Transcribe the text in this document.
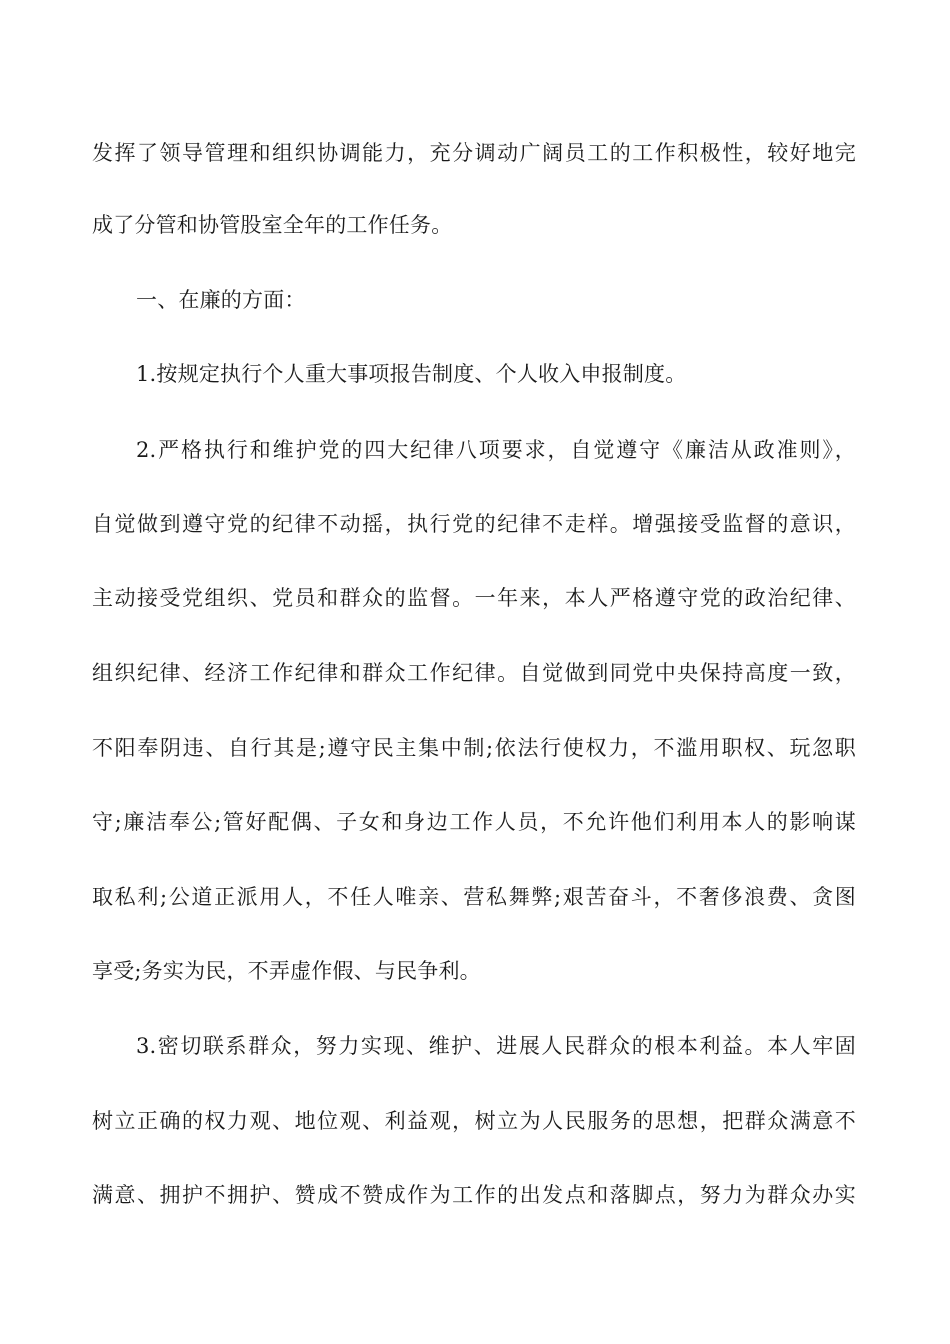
发挥了领导管理和组织协调能力，充分调动广阔员工的工作积极性，较好地完
成了分管和协管股室全年的工作任务。
一、在廉的方面：
1.按规定执行个人重大事项报告制度、个人收入申报制度。
2.严格执行和维护党的四大纪律八项要求，自觉遵守《廉洁从政准则》，
自觉做到遵守党的纪律不动摇，执行党的纪律不走样。增强接受监督的意识，
主动接受党组织、党员和群众的监督。一年来，本人严格遵守党的政治纪律、
组织纪律、经济工作纪律和群众工作纪律。自觉做到同党中央保持高度一致，
不阳奉阴违、自行其是;遵守民主集中制;依法行使权力，不滥用职权、玩忽职
守;廉洁奉公;管好配偶、子女和身边工作人员，不允许他们利用本人的影响谋
取私利;公道正派用人，不任人唯亲、营私舞弊;艰苦奋斗，不奢侈浪费、贪图
享受;务实为民，不弄虚作假、与民争利。
3.密切联系群众，努力实现、维护、进展人民群众的根本利益。本人牢固
树立正确的权力观、地位观、利益观，树立为人民服务的思想，把群众满意不
满意、拥护不拥护、赞成不赞成作为工作的出发点和落脚点，努力为群众办实
